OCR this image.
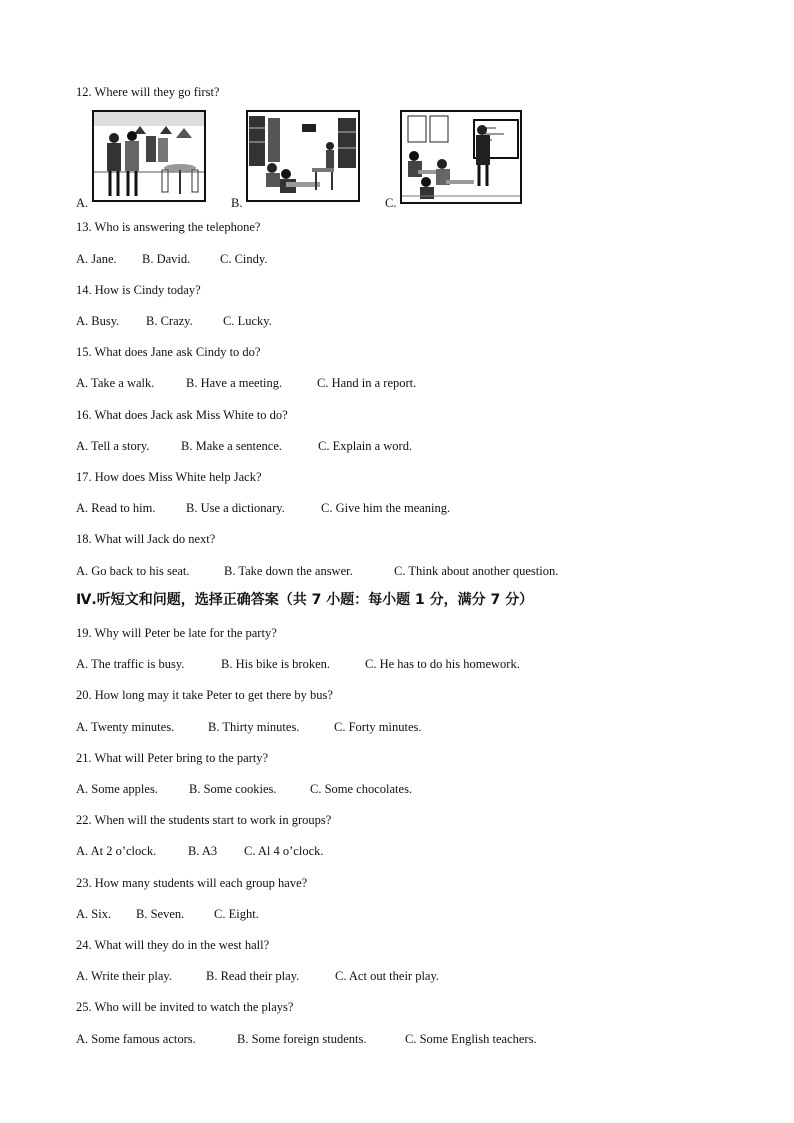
12. Where will they go first?
A.	B.	C.
13. Who is answering the telephone?
A. Jane. B. David. C. Cindy.
14. How is Cindy today?
A. Busy. B. Crazy. C. Lucky.
15. What does Jane ask Cindy to do?
A. Take a walk.	B. Have a meeting.	C. Hand in a report.
16. What does Jack ask Miss White to do?
A. Tell a story.	B. Make a sentence.	C. Explain a word.
17. How does Miss White help Jack?
A. Read to him. B. Use a dictionary.	C. Give him the meaning.
18. What will Jack do next?
A. Go back to his seat.	B. Take down the answer.	C. Think about another question.
Ⅳ.听短文和问题，选择正确答案（共 7 小题：每小题 1 分，满分 7 分）
19. Why will Peter be late for the party?
A. The traffic is busy.	B. His bike is broken.	C. He has to do his homework.
20. How long may it take Peter to get there by bus?
A. Twenty minutes.	B. Thirty minutes.	C. Forty minutes.
21. What will Peter bring to the party?
A. Some apples. B. Some cookies.	C. Some chocolates.
22. When will the students start to work in groups?
A. At 2 o’clock.	B. A3 C. Al 4 o’clock.
23. How many students will each group have?
A. Six. B. Seven. C. Eight.
24. What will they do in the west hall?
A. Write their play.	B. Read their play.	C. Act out their play.
25. Who will be invited to watch the plays?
A. Some famous actors.	B. Some foreign students.	C. Some English teachers.
